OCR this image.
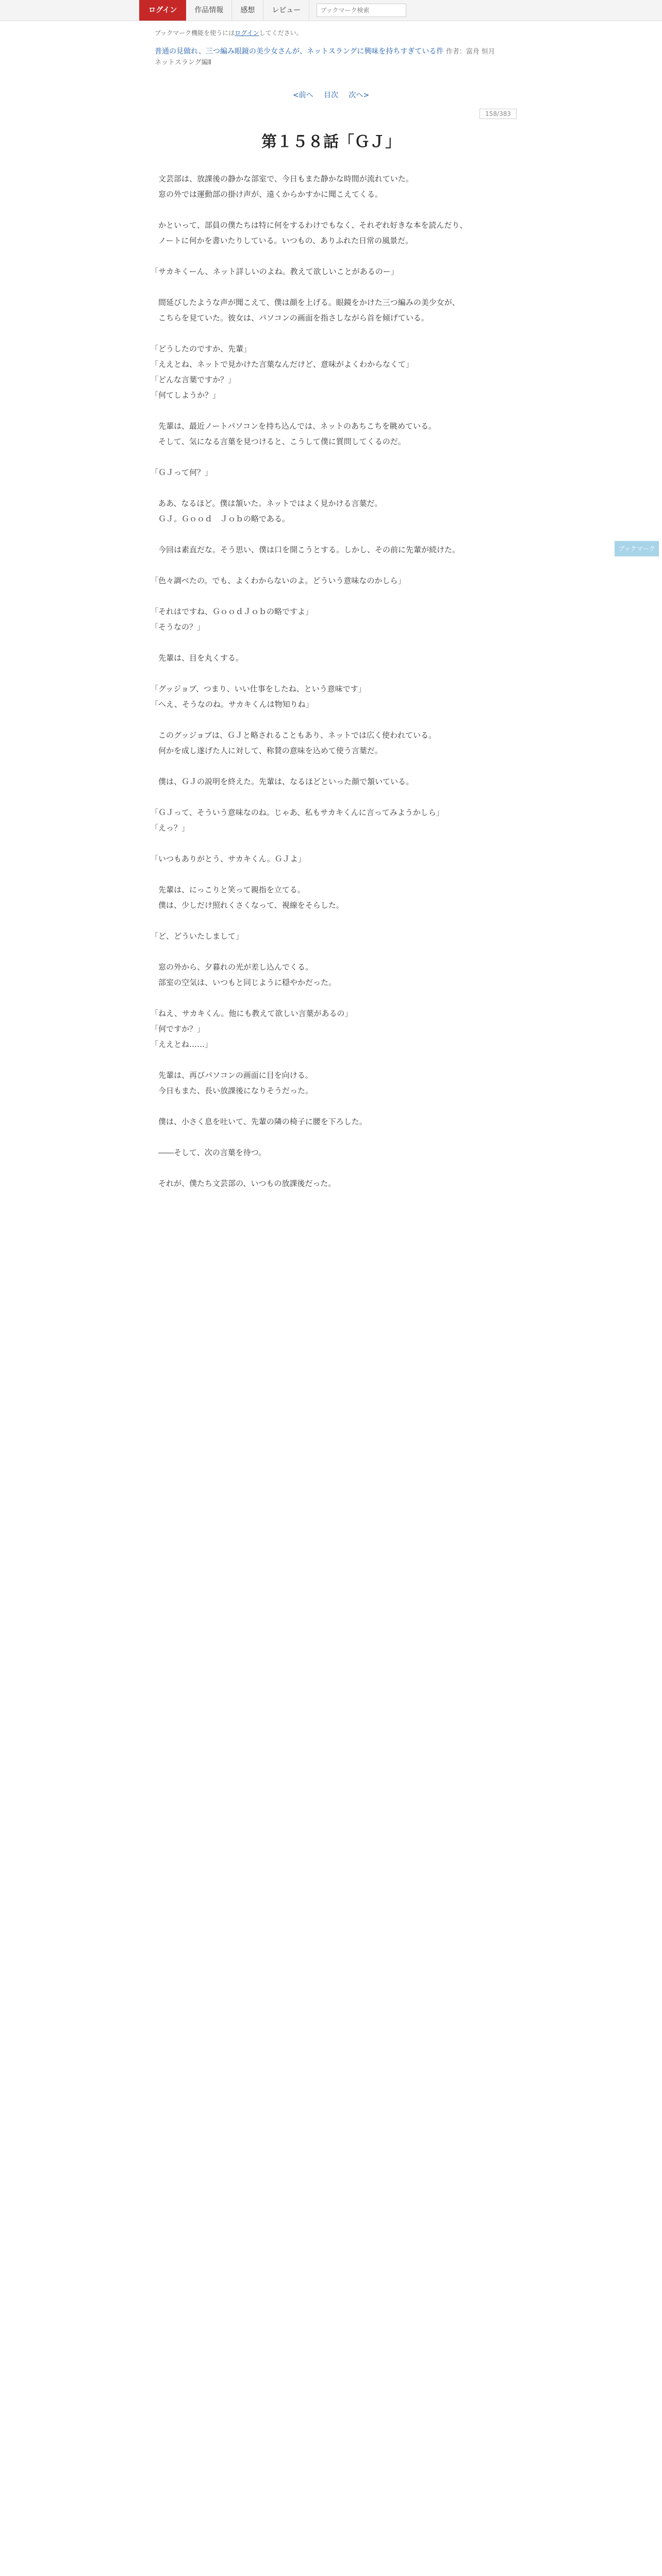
ログイン	作品情報	感想	レビュー
ブックマーク検索
ブックマーク機能を使うにはログインしてください。
普通の見做れ、三つ編み眼鏡の美少女さんが、ネットスラングに興味を持ちすぎている件 作者：富舟 恒月
ネットスラング編Ⅱ
<前へ 目次 次へ>
158/383
第１５８話「ＧＪ」

　文芸部は、放課後の静かな部室で、今日もまた静かな時間が流れていた。

　窓の外では運動部の掛け声が、遠くからかすかに聞こえてくる。

　かといって、部員の僕たちは特に何をするわけでもなく、それぞれ好きな本を読んだり、

　ノートに何かを書いたりしている。いつもの、ありふれた日常の風景だ。

「サカキくーん、ネット詳しいのよね。教えて欲しいことがあるのー」

　間延びしたような声が聞こえて、僕は顔を上げる。眼鏡をかけた三つ編みの美少女が、

　こちらを見ていた。彼女は、パソコンの画面を指さしながら首を傾げている。

「どうしたのですか、先輩」

「ええとね、ネットで見かけた言葉なんだけど、意味がよくわからなくて」

「どんな言葉ですか？」

「何てしようか？」

　先輩は、最近ノートパソコンを持ち込んでは、ネットのあちこちを眺めている。

　そして、気になる言葉を見つけると、こうして僕に質問してくるのだ。

「ＧＪって何？」

　ああ、なるほど。僕は頷いた。ネットではよく見かける言葉だ。

　ＧＪ。Ｇｏｏｄ　Ｊｏｂの略である。

　今回は素直だな。そう思い、僕は口を開こうとする。しかし、その前に先輩が続けた。

「色々調べたの。でも、よくわからないのよ。どういう意味なのかしら」

「それはですね、ＧｏｏｄＪｏｂの略ですよ」

「そうなの？」

　先輩は、目を丸くする。

「グッジョブ、つまり、いい仕事をしたね、という意味です」

「へえ、そうなのね。サカキくんは物知りね」

　このグッジョブは、ＧＪと略されることもあり、ネットでは広く使われている。

　何かを成し遂げた人に対して、称賛の意味を込めて使う言葉だ。

　僕は、ＧＪの説明を終えた。先輩は、なるほどといった顔で頷いている。

「ＧＪって、そういう意味なのね。じゃあ、私もサカキくんに言ってみようかしら」

「えっ？」

「いつもありがとう、サカキくん。ＧＪよ」

　先輩は、にっこりと笑って親指を立てる。

　僕は、少しだけ照れくさくなって、視線をそらした。

「ど、どういたしまして」

　窓の外から、夕暮れの光が差し込んでくる。

　部室の空気は、いつもと同じように穏やかだった。

「ねえ、サカキくん。他にも教えて欲しい言葉があるの」

「何ですか？」

「ええとね……」

　先輩は、再びパソコンの画面に目を向ける。

　今日もまた、長い放課後になりそうだった。

　僕は、小さく息を吐いて、先輩の隣の椅子に腰を下ろした。

　――そして、次の言葉を待つ。

　それが、僕たち文芸部の、いつもの放課後だった。

ブックマーク
